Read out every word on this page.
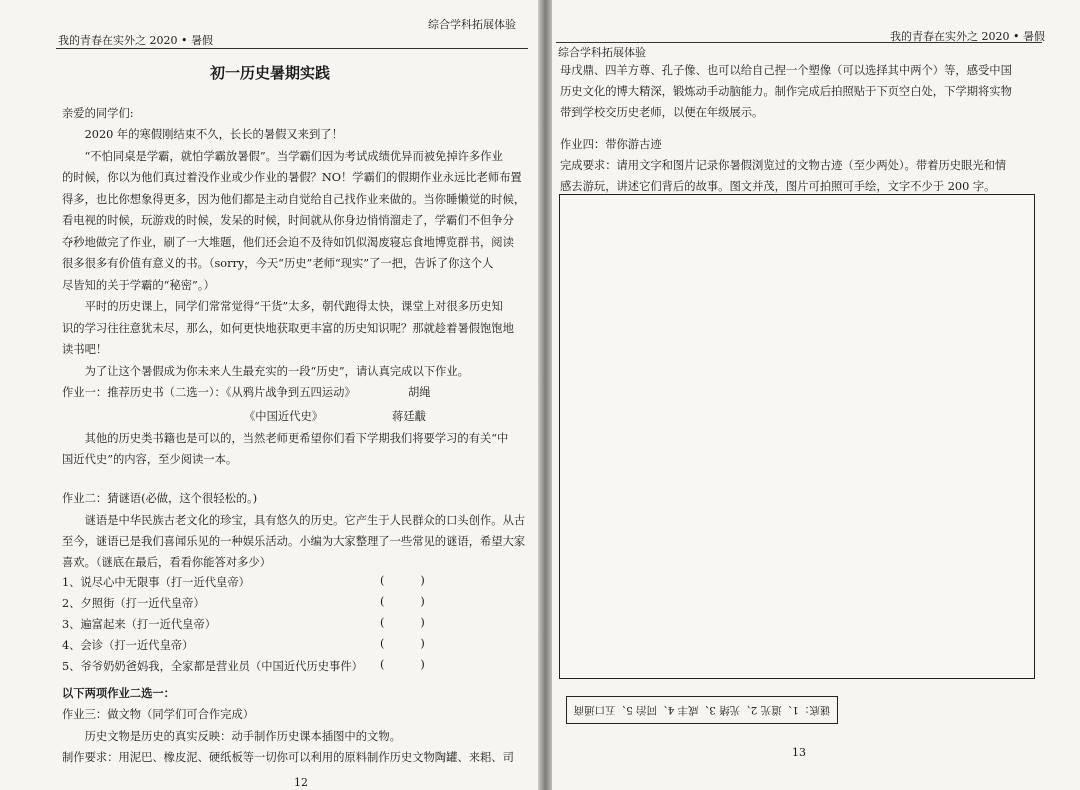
我的青春在实外之 2020 • 暑假
综合学科拓展体验
初一历史暑期实践
亲爱的同学们:
2020 年的寒假刚结束不久，长长的暑假又来到了！
“不怕同桌是学霸，就怕学霸放暑假”。当学霸们因为考试成绩优异而被免掉许多作业
的时候，你以为他们真过着没作业或少作业的暑假？NO！学霸们的假期作业永远比老师布置
得多，也比你想象得更多，因为他们都是主动自觉给自己找作业来做的。当你睡懒觉的时候，
看电视的时候，玩游戏的时候，发呆的时候，时间就从你身边悄悄溜走了，学霸们不但争分
夺秒地做完了作业，刷了一大堆题，他们还会迫不及待如饥似渴废寝忘食地博览群书，阅读
很多很多有价值有意义的书。（sorry，今天“历史”老师“现实”了一把，告诉了你这个人
尽皆知的关于学霸的“秘密”。）
平时的历史课上，同学们常常觉得“干货”太多，朝代跑得太快，课堂上对很多历史知
识的学习往往意犹未尽，那么，如何更快地获取更丰富的历史知识呢？那就趁着暑假饱饱地
读书吧！
为了让这个暑假成为你未来人生最充实的一段“历史”，请认真完成以下作业。
作业一：推荐历史书（二选一）：《从鸦片战争到五四运动》	胡绳
《中国近代史》	蒋廷黻
其他的历史类书籍也是可以的，当然老师更希望你们看下学期我们将要学习的有关“中
国近代史”的内容，至少阅读一本。
作业二：猜谜语(必做，这个很轻松的。)
谜语是中华民族古老文化的珍宝，具有悠久的历史。它产生于人民群众的口头创作。从古
至今，谜语已是我们喜闻乐见的一种娱乐活动。小编为大家整理了一些常见的谜语，希望大家
喜欢。（谜底在最后，看看你能答对多少）
1、说尽心中无限事（打一近代皇帝）
2、夕照街（打一近代皇帝）
3、遍富起来（打一近代皇帝）
4、会诊（打一近代皇帝）
5、爷爷奶奶爸妈我，全家都是营业员（中国近代历史事件）
(          )
(          )
(          )
(          )
(          )
以下两项作业二选一：
作业三：做文物（同学们可合作完成）
历史文物是历史的真实反映：动手制作历史课本插图中的文物。
制作要求：用泥巴、橡皮泥、硬纸板等一切你可以利用的原料制作历史文物陶罐、来耜、司
12
综合学科拓展体验
我的青春在实外之 2020 • 暑假
母戊鼎、四羊方尊、孔子像、也可以给自己捏一个塑像（可以选择其中两个）等，感受中国
历史文化的博大精深，锻炼动手动脑能力。制作完成后拍照贴于下页空白处，下学期将实物
带到学校交历史老师，以便在年级展示。
作业四：带你游古迹
完成要求：请用文字和图片记录你暑假浏览过的文物古迹（至少两处）。带着历史眼光和情
感去游玩，讲述它们背后的故事。图文并茂，图片可拍照可手绘，文字不少于 200 字。
13
谜底：1、道光 2、光绪 3、咸丰 4、同治 5、五口通商
